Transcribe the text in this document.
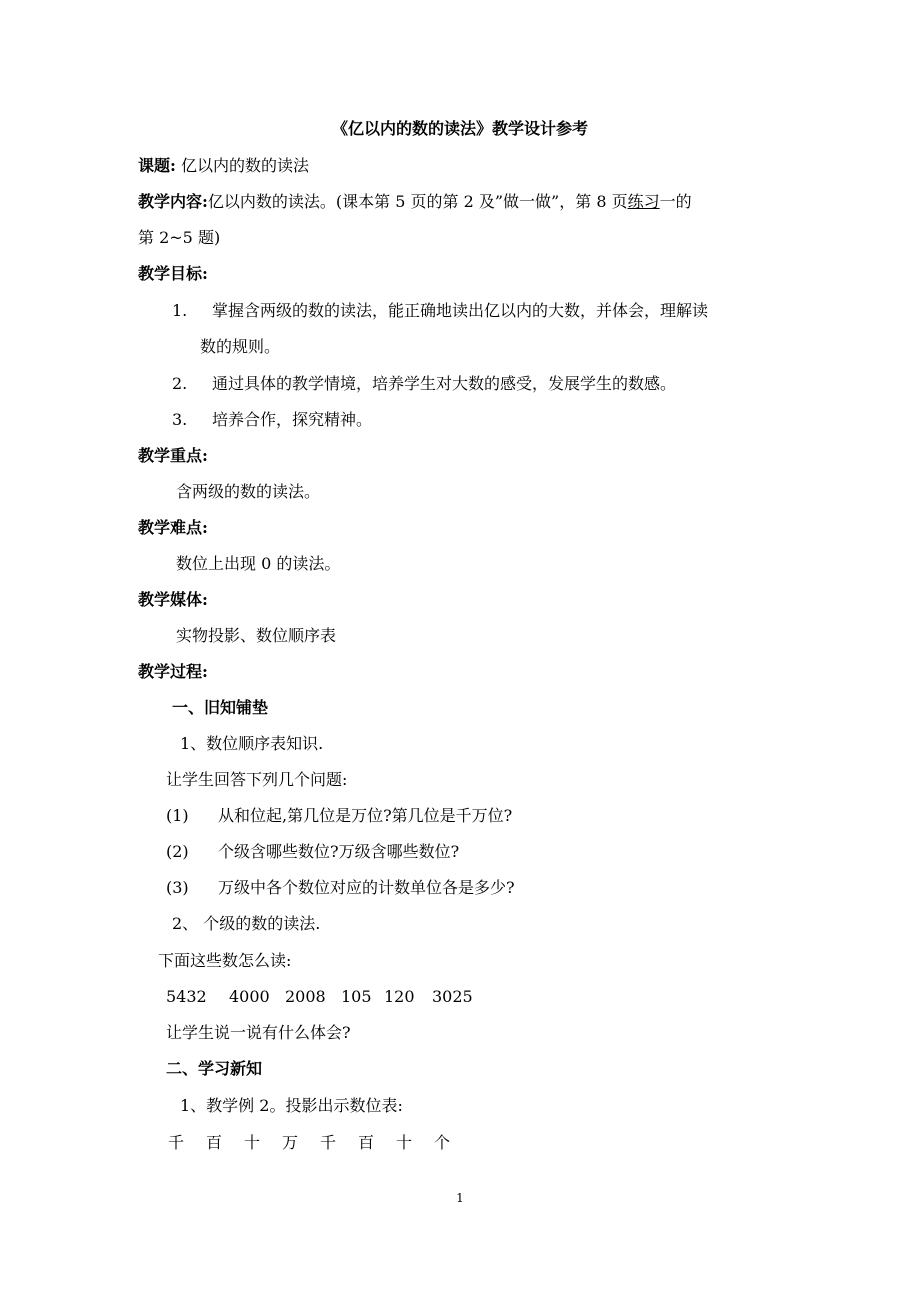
《亿以内的数的读法》教学设计参考
课题: 亿以内的数的读法
教学内容:亿以内数的读法。(课本第 5 页的第 2 及”做一做”，第 8 页练习一的
第 2~5 题)
教学目标:
1. 掌握含两级的数的读法，能正确地读出亿以内的大数，并体会，理解读
数的规则。
2. 通过具体的教学情境，培养学生对大数的感受，发展学生的数感。
3. 培养合作，探究精神。
教学重点:
含两级的数的读法。
教学难点:
数位上出现 0 的读法。
教学媒体:
实物投影、数位顺序表
教学过程:
一、旧知铺垫
1、数位顺序表知识.
让学生回答下列几个问题:
(1) 从和位起,第几位是万位?第几位是千万位?
(2) 个级含哪些数位?万级含哪些数位?
(3) 万级中各个数位对应的计数单位各是多少?
2、 个级的数的读法.
下面这些数怎么读:
5432 4000 2008 105 120 3025
让学生说一说有什么体会?
二、学习新知
1、教学例 2。投影出示数位表:
千 百 十 万 千 百 十 个
1
